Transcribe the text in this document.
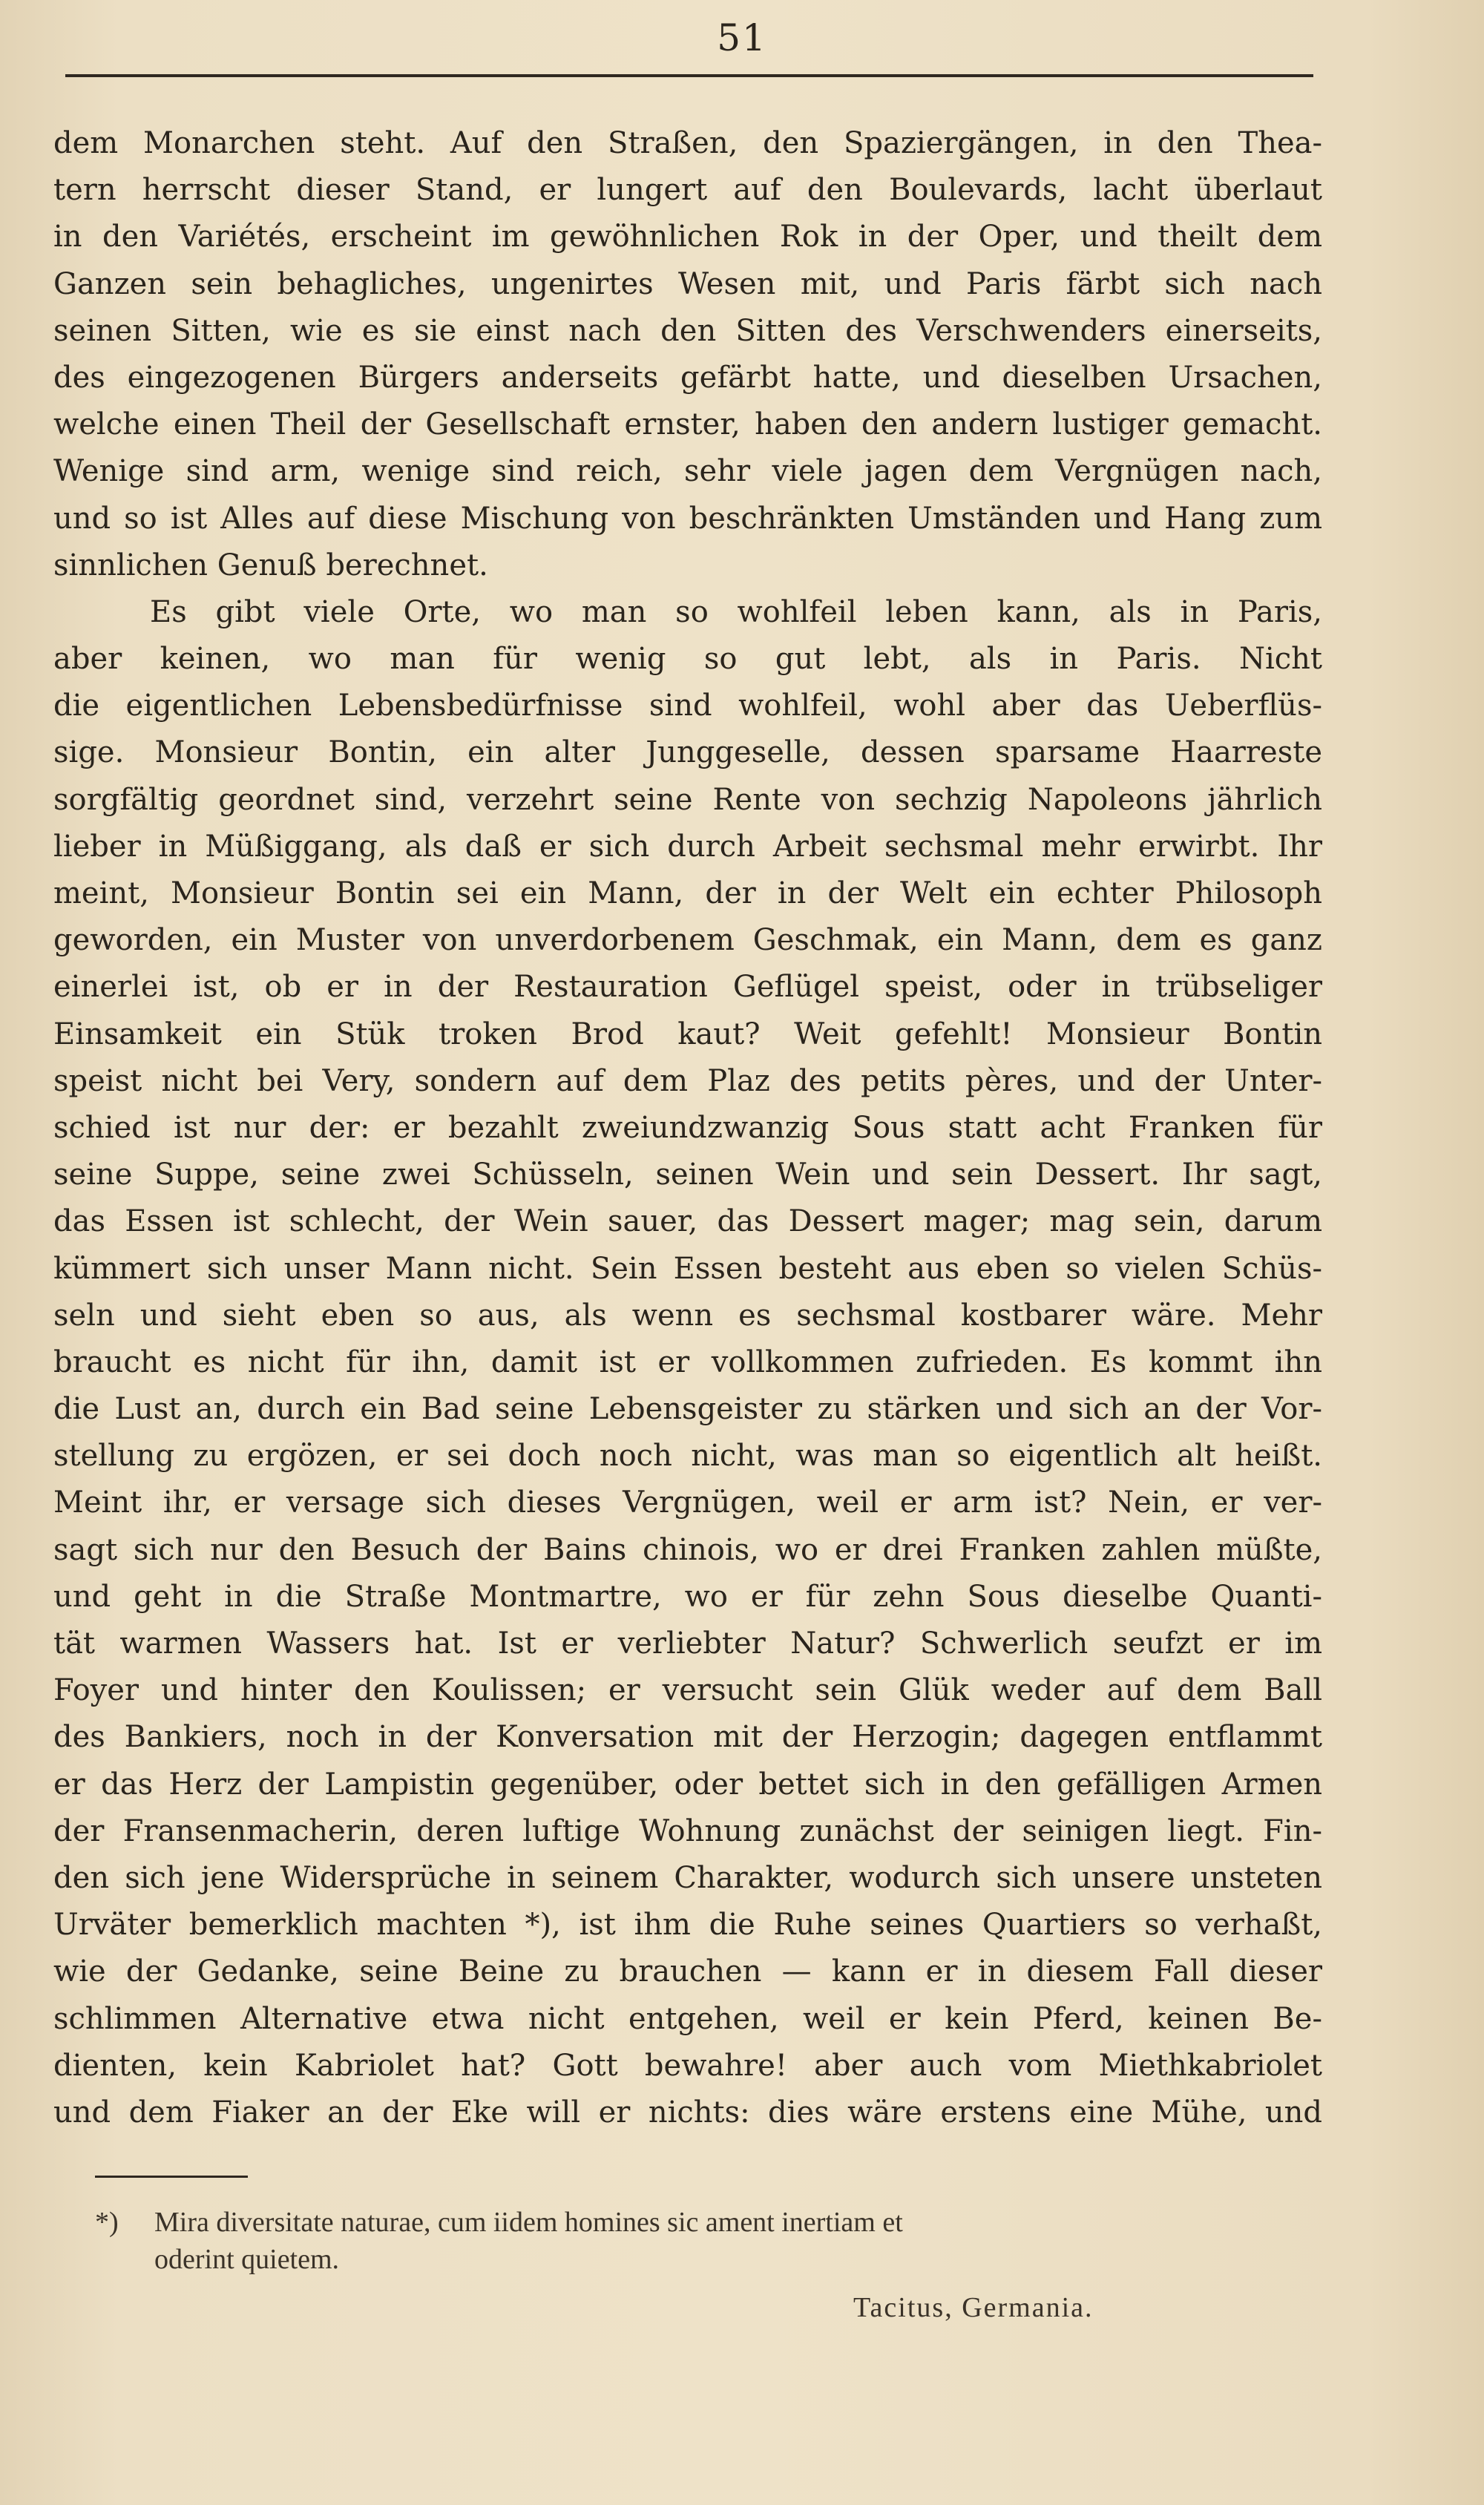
51
dem Monarchen steht. Auf den Straßen, den Spaziergängen, in den Thea-
tern herrscht dieser Stand, er lungert auf den Boulevards, lacht überlaut
in den Variétés, erscheint im gewöhnlichen Rok in der Oper, und theilt dem
Ganzen sein behagliches, ungenirtes Wesen mit, und Paris färbt sich nach
seinen Sitten, wie es sie einst nach den Sitten des Verschwenders einerseits,
des eingezogenen Bürgers anderseits gefärbt hatte, und dieselben Ursachen,
welche einen Theil der Gesellschaft ernster, haben den andern lustiger gemacht.
Wenige sind arm, wenige sind reich, sehr viele jagen dem Vergnügen nach,
und so ist Alles auf diese Mischung von beschränkten Umständen und Hang zum
sinnlichen Genuß berechnet.
Es gibt viele Orte, wo man so wohlfeil leben kann, als in Paris,
aber keinen, wo man für wenig so gut lebt, als in Paris. Nicht
die eigentlichen Lebensbedürfnisse sind wohlfeil, wohl aber das Ueberflüs-
sige. Monsieur Bontin, ein alter Junggeselle, dessen sparsame Haarreste
sorgfältig geordnet sind, verzehrt seine Rente von sechzig Napoleons jährlich
lieber in Müßiggang, als daß er sich durch Arbeit sechsmal mehr erwirbt. Ihr
meint, Monsieur Bontin sei ein Mann, der in der Welt ein echter Philosoph
geworden, ein Muster von unverdorbenem Geschmak, ein Mann, dem es ganz
einerlei ist, ob er in der Restauration Geflügel speist, oder in trübseliger
Einsamkeit ein Stük troken Brod kaut? Weit gefehlt! Monsieur Bontin
speist nicht bei Very, sondern auf dem Plaz des petits pères, und der Unter-
schied ist nur der: er bezahlt zweiundzwanzig Sous statt acht Franken für
seine Suppe, seine zwei Schüsseln, seinen Wein und sein Dessert. Ihr sagt,
das Essen ist schlecht, der Wein sauer, das Dessert mager; mag sein, darum
kümmert sich unser Mann nicht. Sein Essen besteht aus eben so vielen Schüs-
seln und sieht eben so aus, als wenn es sechsmal kostbarer wäre. Mehr
braucht es nicht für ihn, damit ist er vollkommen zufrieden. Es kommt ihn
die Lust an, durch ein Bad seine Lebensgeister zu stärken und sich an der Vor-
stellung zu ergözen, er sei doch noch nicht, was man so eigentlich alt heißt.
Meint ihr, er versage sich dieses Vergnügen, weil er arm ist? Nein, er ver-
sagt sich nur den Besuch der Bains chinois, wo er drei Franken zahlen müßte,
und geht in die Straße Montmartre, wo er für zehn Sous dieselbe Quanti-
tät warmen Wassers hat. Ist er verliebter Natur? Schwerlich seufzt er im
Foyer und hinter den Koulissen; er versucht sein Glük weder auf dem Ball
des Bankiers, noch in der Konversation mit der Herzogin; dagegen entflammt
er das Herz der Lampistin gegenüber, oder bettet sich in den gefälligen Armen
der Fransenmacherin, deren luftige Wohnung zunächst der seinigen liegt. Fin-
den sich jene Widersprüche in seinem Charakter, wodurch sich unsere unsteten
Urväter bemerklich machten *), ist ihm die Ruhe seines Quartiers so verhaßt,
wie der Gedanke, seine Beine zu brauchen — kann er in diesem Fall dieser
schlimmen Alternative etwa nicht entgehen, weil er kein Pferd, keinen Be-
dienten, kein Kabriolet hat? Gott bewahre! aber auch vom Miethkabriolet
und dem Fiaker an der Eke will er nichts: dies wäre erstens eine Mühe, und
*) Mira diversitate naturae, cum iidem homines sic ament inertiam et
oderint quietem.
Tacitus, Germania.
